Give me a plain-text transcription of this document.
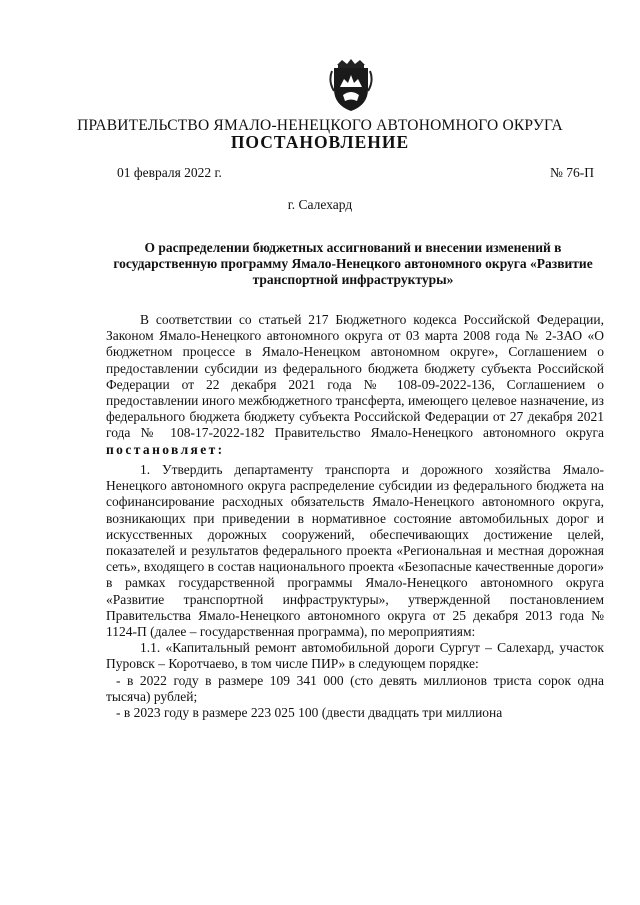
ПРАВИТЕЛЬСТВО ЯМАЛО-НЕНЕЦКОГО АВТОНОМНОГО ОКРУГА
ПОСТАНОВЛЕНИЕ
01 февраля 2022 г.	№ 76-П
г. Салехард
О распределении бюджетных ассигнований и внесении изменений в государственную программу Ямало-Ненецкого автономного округа «Развитие транспортной инфраструктуры»

В соответствии со статьей 217 Бюджетного кодекса Российской Федерации, Законом Ямало-Ненецкого автономного округа от 03 марта 2008 года № 2-ЗАО «О бюджетном процессе в Ямало-Ненецком автономном округе», Соглашением о предоставлении субсидии из федерального бюджета бюджету субъекта Российской Федерации от 22 декабря 2021 года № 108-09-2022-136, Соглашением о предоставлении иного межбюджетного трансферта, имеющего целевое назначение, из федерального бюджета бюджету субъекта Российской Федерации от 27 декабря 2021 года № 108-17-2022-182 Правительство Ямало-Ненецкого автономного округа постановляет:

1. Утвердить департаменту транспорта и дорожного хозяйства Ямало-Ненецкого автономного округа распределение субсидии из федерального бюджета на софинансирование расходных обязательств Ямало-Ненецкого автономного округа, возникающих при приведении в нормативное состояние автомобильных дорог и искусственных дорожных сооружений, обеспечивающих достижение целей, показателей и результатов федерального проекта «Региональная и местная дорожная сеть», входящего в состав национального проекта «Безопасные качественные дороги» в рамках государственной программы Ямало-Ненецкого автономного округа «Развитие транспортной инфраструктуры», утвержденной постановлением Правительства Ямало-Ненецкого автономного округа от 25 декабря 2013 года № 1124-П (далее – государственная программа), по мероприятиям:

1.1. «Капитальный ремонт автомобильной дороги Сургут – Салехард, участок Пуровск – Коротчаево, в том числе ПИР» в следующем порядке:

- в 2022 году в размере 109 341 000 (сто девять миллионов триста сорок одна тысяча) рублей;

- в 2023 году в размере 223 025 100 (двести двадцать три миллиона
